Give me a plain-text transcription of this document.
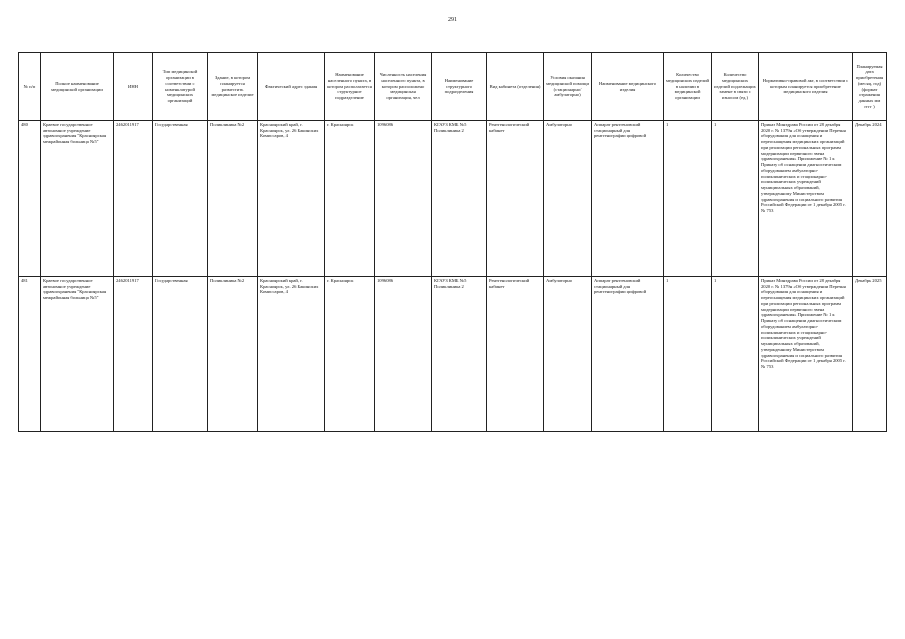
291
№ п/п	Полное наименование медицинской организации	ИНН	Тип медицинской организации в соответствии с номенклатурой медицинских организаций	Здание, в котором планируется разместить медицинское изделие	Фактический адрес здания	Наименование населенного пункта, в котором располагается структурное подразделение	Численность населения населенного пункта, в котором расположено медицинская организация, чел	Наименование структурного подразделения	Вид кабинета (отделения)	Условия оказания медицинской помощи (стационарно/амбулаторно)	Наименование медицинского изделия	Количество медицинских изделий в наличии в медицинской организации	Количество медицинских изделий подлежащих замене в связи с износом (ед.)	Нормативно-правовой акт, в соответствии с которым планируется приобретение медицинского изделия	Планируемая дата приобретения (месяц, год) (формат отражения данных мм гггг )
480	Краевое государственное автономное учреждение здравоохранения "Красноярская межрайонная больница №5"	2462011917	Государственная	Поликлиника №2	Красноярский край, г. Красноярск, ул. 26 Бакинских Комиссаров, 4	г. Красноярск	1096086	КГАУЗ КМБ №5 Поликлиника 2	Рентгенологический кабинет	Амбулаторно	Аппарат рентгеновский стационарный для рентгенографии цифровой	1	1	Приказ Минздрава России от 28 декабря 2020 г. № 1379н «Об утверждении Перечня оборудования для оснащения и переоснащения медицинских организаций при реализации региональных программ модернизации первичного звена здравоохранения» Приложение № 1 к Приказу об оснащении диагностическим оборудованием амбулаторно-поликлинических и стационарно-поликлинических учреждений муниципальных образований, утвержденному Министерством здравоохранения и социального развития Российской Федерации от 1 декабря 2005 г. № 753	Декабрь 2024
481	Краевое государственное автономное учреждение здравоохранения "Красноярская межрайонная больница №5"	2462011917	Государственная	Поликлиника №2	Красноярский край, г. Красноярск, ул. 26 Бакинских Комиссаров, 4	г. Красноярск	1096086	КГАУЗ КМБ №5 Поликлиника 2	Рентгенологический кабинет	Амбулаторно	Аппарат рентгеновский стационарный для рентгенографии цифровой	1	1	Приказ Минздрава России от 28 декабря 2020 г. № 1379н «Об утверждении Перечня оборудования для оснащения и переоснащения медицинских организаций при реализации региональных программ модернизации первичного звена здравоохранения» Приложение № 1 к Приказу об оснащении диагностическим оборудованием амбулаторно-поликлинических и стационарно-поликлинических учреждений муниципальных образований, утвержденному Министерством здравоохранения и социального развития Российской Федерации от 1 декабря 2005 г. № 753	Декабрь 2025
